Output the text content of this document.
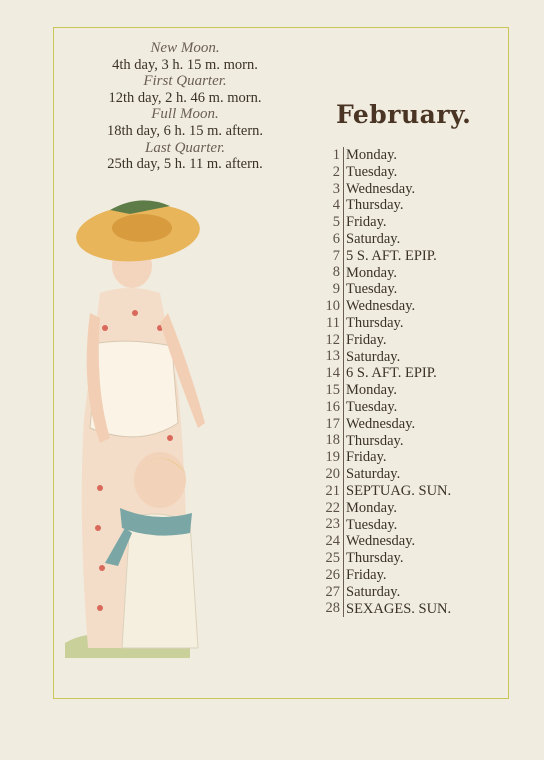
New Moon.
4th day, 3 h. 15 m. morn.
First Quarter.
12th day, 2 h. 46 m. morn.
Full Moon.
18th day, 6 h. 15 m. aftern.
Last Quarter.
25th day, 5 h. 11 m. aftern.
February.
1 Monday.
2 Tuesday.
3 Wednesday.
4 Thursday.
5 Friday.
6 Saturday.
7 5 S. AFT. EPIP.
8 Monday.
9 Tuesday.
10 Wednesday.
11 Thursday.
12 Friday.
13 Saturday.
14 6 S. AFT. EPIP.
15 Monday.
16 Tuesday.
17 Wednesday.
18 Thursday.
19 Friday.
20 Saturday.
21 SEPTUAG. SUN.
22 Monday.
23 Tuesday.
24 Wednesday.
25 Thursday.
26 Friday.
27 Saturday.
28 SEXAGES. SUN.
